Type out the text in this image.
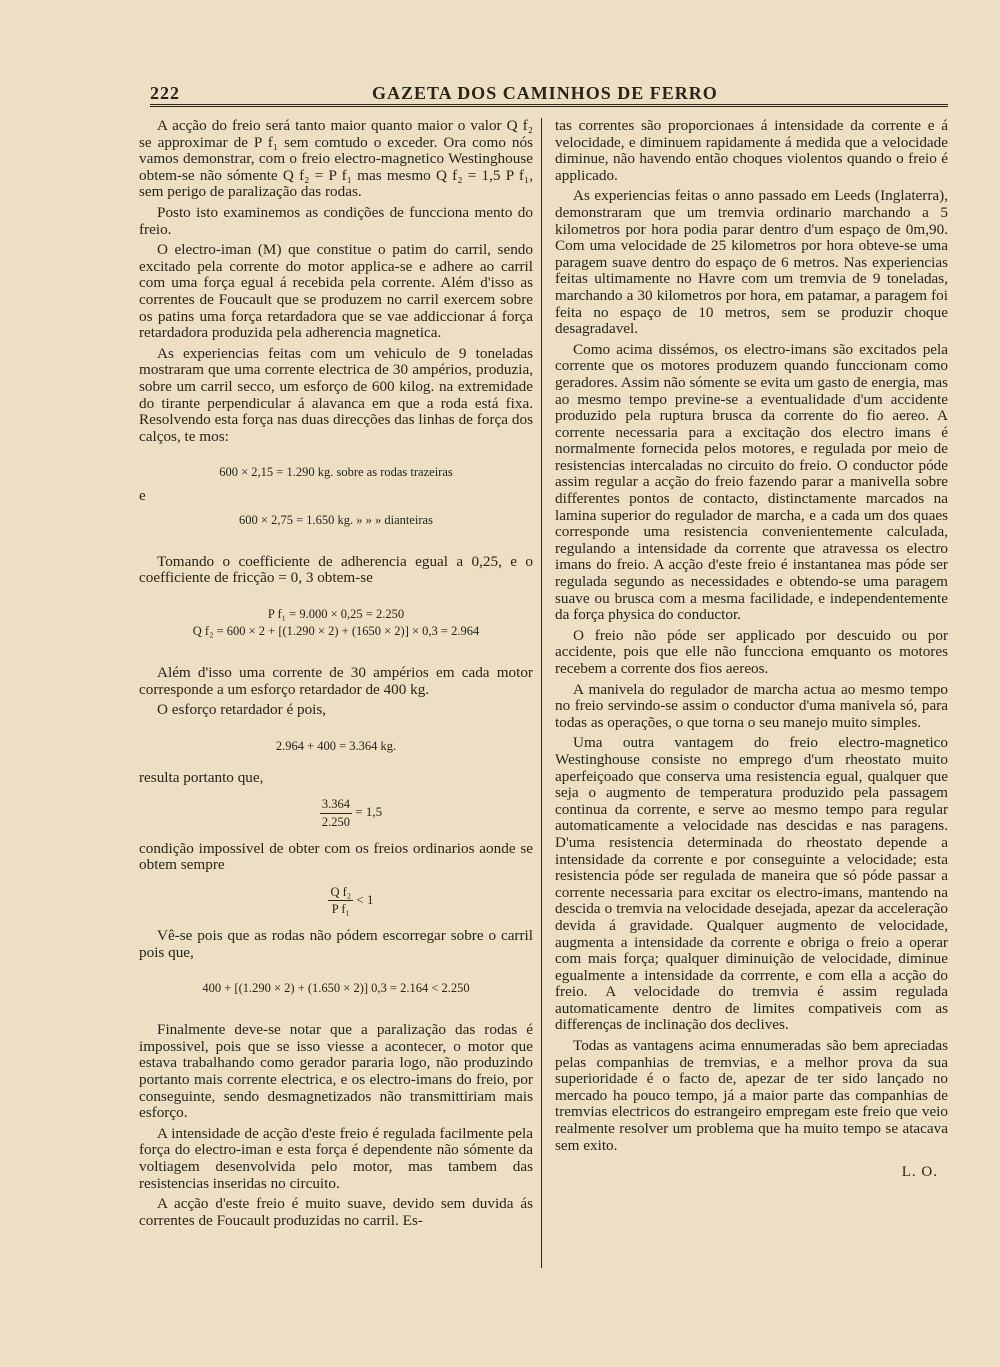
222	GAZETA DOS CAMINHOS DE FERRO

A acção do freio será tanto maior quanto maior o valor Q f₂ se approximar de P f₁ sem comtudo o exceder. Ora como nós vamos demonstrar, com o freio electro-magnetico Westinghouse obtem-se não sómente Q f₂ = P f₁ mas mesmo Q f₂ = 1,5 P f₁, sem perigo de paralização das rodas.

Posto isto examinemos as condições de funcciona mento do freio.

O electro-iman (M) que constitue o patim do carril, sendo excitado pela corrente do motor applica-se e adhere ao carril com uma força egual á recebida pela corrente. Além d'isso as correntes de Foucault que se produzem no carril exercem sobre os patins uma força retardadora que se vae addiccionar á força retardadora produzida pela adherencia magnetica.

As experiencias feitas com um vehiculo de 9 toneladas mostraram que uma corrente electrica de 30 ampérios, produzia, sobre um carril secco, um esforço de 600 kilog. na extremidade do tirante perpendicular á alavanca em que a roda está fixa. Resolvendo esta força nas duas direcções das linhas de força dos calços, te mos:

600 × 2,15 = 1.290 kg. sobre as rodas trazeiras
e
600 × 2,75 = 1.650 kg. » » » dianteiras

Tomando o coefficiente de adherencia egual a 0,25, e o coefficiente de fricção = 0, 3 obtem-se

P f₁ = 9.000 × 0,25 = 2.250
Q f₂ = 600 × 2 + [(1.290 × 2) + (1650 × 2)] × 0,3 = 2.964

Além d'isso uma corrente de 30 ampérios em cada motor corresponde a um esforço retardador de 400 kg.

O esforço retardador é pois,

2.964 + 400 = 3.364 kg.

resulta portanto que,

$\frac{3.364}{2.250} = 1,5$

condição impossivel de obter com os freios ordinarios aonde se obtem sempre

$\frac{\text{Q f₂}}{\text{P f₁}} < 1$

Vê-se pois que as rodas não pódem escorregar sobre o carril pois que,

400 + [(1.290 × 2) + (1.650 × 2)] 0,3 = 2.164 < 2.250

Finalmente deve-se notar que a paralização das rodas é impossivel, pois que se isso viesse a acontecer, o motor que estava trabalhando como gerador pararia logo, não produzindo portanto mais corrente electrica, e os electro-imans do freio, por conseguinte, sendo desmagnetizados não transmittiriam mais esforço.

A intensidade de acção d'este freio é regulada facilmente pela força do electro-iman e esta força é dependente não sómente da voltiagem desenvolvida pelo motor, mas tambem das resistencias inseridas no circuito.

A acção d'este freio é muito suave, devido sem duvida ás correntes de Foucault produzidas no carril. Es-

tas correntes são proporcionaes á intensidade da corrente e á velocidade, e diminuem rapidamente á medida que a velocidade diminue, não havendo então choques violentos quando o freio é applicado.

As experiencias feitas o anno passado em Leeds (Inglaterra), demonstraram que um tremvia ordinario marchando a 5 kilometros por hora podia parar dentro d'um espaço de 0m,90. Com uma velocidade de 25 kilometros por hora obteve-se uma paragem suave dentro do espaço de 6 metros. Nas experiencias feitas ultimamente no Havre com um tremvia de 9 toneladas, marchando a 30 kilometros por hora, em patamar, a paragem foi feita no espaço de 10 metros, sem se produzir choque desagradavel.

Como acima dissémos, os electro-imans são excitados pela corrente que os motores produzem quando funccionam como geradores. Assim não sómente se evita um gasto de energia, mas ao mesmo tempo previne-se a eventualidade d'um accidente produzido pela ruptura brusca da corrente do fio aereo. A corrente necessaria para a excitação dos electro imans é normalmente fornecida pelos motores, e regulada por meio de resistencias intercaladas no circuito do freio. O conductor póde assim regular a acção do freio fazendo parar a manivella sobre differentes pontos de contacto, distinctamente marcados na lamina superior do regulador de marcha, e a cada um dos quaes corresponde uma resistencia convenientemente calculada, regulando a intensidade da corrente que atravessa os electro imans do freio. A acção d'este freio é instantanea mas póde ser regulada segundo as necessidades e obtendo-se uma paragem suave ou brusca com a mesma facilidade, e independentemente da força physica do conductor.

O freio não póde ser applicado por descuido ou por accidente, pois que elle não funcciona emquanto os motores recebem a corrente dos fios aereos.

A manivela do regulador de marcha actua ao mesmo tempo no freio servindo-se assim o conductor d'uma manivela só, para todas as operações, o que torna o seu manejo muito simples.

Uma outra vantagem do freio electro-magnetico Westinghouse consiste no emprego d'um rheostato muito aperfeiçoado que conserva uma resistencia egual, qualquer que seja o augmento de temperatura produzido pela passagem continua da corrente, e serve ao mesmo tempo para regular automaticamente a velocidade nas descidas e nas paragens. D'uma resistencia determinada do rheostato depende a intensidade da corrente e por conseguinte a velocidade; esta resistencia póde ser regulada de maneira que só póde passar a corrente necessaria para excitar os electro-imans, mantendo na descida o tremvia na velocidade desejada, apezar da acceleração devida á gravidade. Qualquer augmento de velocidade, augmenta a intensidade da corrente e obriga o freio a operar com mais força; qualquer diminuição de velocidade, diminue egualmente a intensidade da corrrente, e com ella a acção do freio. A velocidade do tremvia é assim regulada automaticamente dentro de limites compativeis com as differenças de inclinação dos declives.

Todas as vantagens acima ennumeradas são bem apreciadas pelas companhias de tremvias, e a melhor prova da sua superioridade é o facto de, apezar de ter sido lançado no mercado ha pouco tempo, já a maior parte das companhias de tremvias electricos do estrangeiro empregam este freio que veio realmente resolver um problema que ha muito tempo se atacava sem exito.

L. O.
